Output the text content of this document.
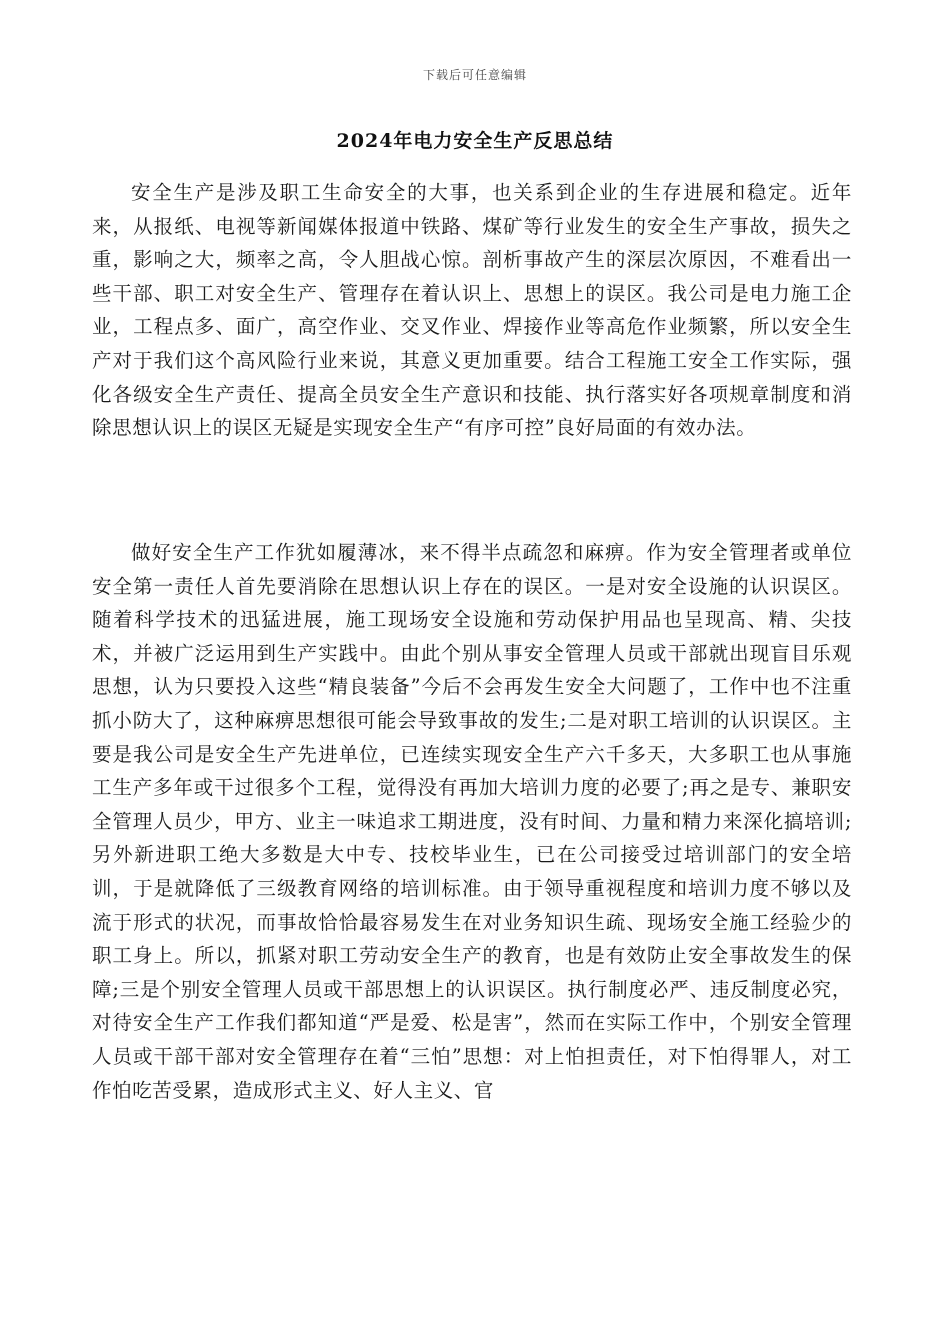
下载后可任意编辑
2024年电力安全生产反思总结

安全生产是涉及职工生命安全的大事，也关系到企业的生存进展和稳定。近年来，从报纸、电视等新闻媒体报道中铁路、煤矿等行业发生的安全生产事故，损失之重，影响之大，频率之高，令人胆战心惊。剖析事故产生的深层次原因，不难看出一些干部、职工对安全生产、管理存在着认识上、思想上的误区。我公司是电力施工企业，工程点多、面广，高空作业、交叉作业、焊接作业等高危作业频繁，所以安全生产对于我们这个高风险行业来说，其意义更加重要。结合工程施工安全工作实际，强化各级安全生产责任、提高全员安全生产意识和技能、执行落实好各项规章制度和消除思想认识上的误区无疑是实现安全生产“有序可控”良好局面的有效办法。

做好安全生产工作犹如履薄冰，来不得半点疏忽和麻痹。作为安全管理者或单位安全第一责任人首先要消除在思想认识上存在的误区。一是对安全设施的认识误区。随着科学技术的迅猛进展，施工现场安全设施和劳动保护用品也呈现高、精、尖技术，并被广泛运用到生产实践中。由此个别从事安全管理人员或干部就出现盲目乐观思想，认为只要投入这些“精良装备”今后不会再发生安全大问题了，工作中也不注重抓小防大了，这种麻痹思想很可能会导致事故的发生;二是对职工培训的认识误区。主要是我公司是安全生产先进单位，已连续实现安全生产六千多天，大多职工也从事施工生产多年或干过很多个工程，觉得没有再加大培训力度的必要了;再之是专、兼职安全管理人员少，甲方、业主一味追求工期进度，没有时间、力量和精力来深化搞培训;另外新进职工绝大多数是大中专、技校毕业生，已在公司接受过培训部门的安全培训，于是就降低了三级教育网络的培训标准。由于领导重视程度和培训力度不够以及流于形式的状况，而事故恰恰最容易发生在对业务知识生疏、现场安全施工经验少的职工身上。所以，抓紧对职工劳动安全生产的教育，也是有效防止安全事故发生的保障;三是个别安全管理人员或干部思想上的认识误区。执行制度必严、违反制度必究，对待安全生产工作我们都知道“严是爱、松是害”，然而在实际工作中，个别安全管理人员或干部干部对安全管理存在着“三怕”思想：对上怕担责任，对下怕得罪人，对工作怕吃苦受累，造成形式主义、好人主义、官
